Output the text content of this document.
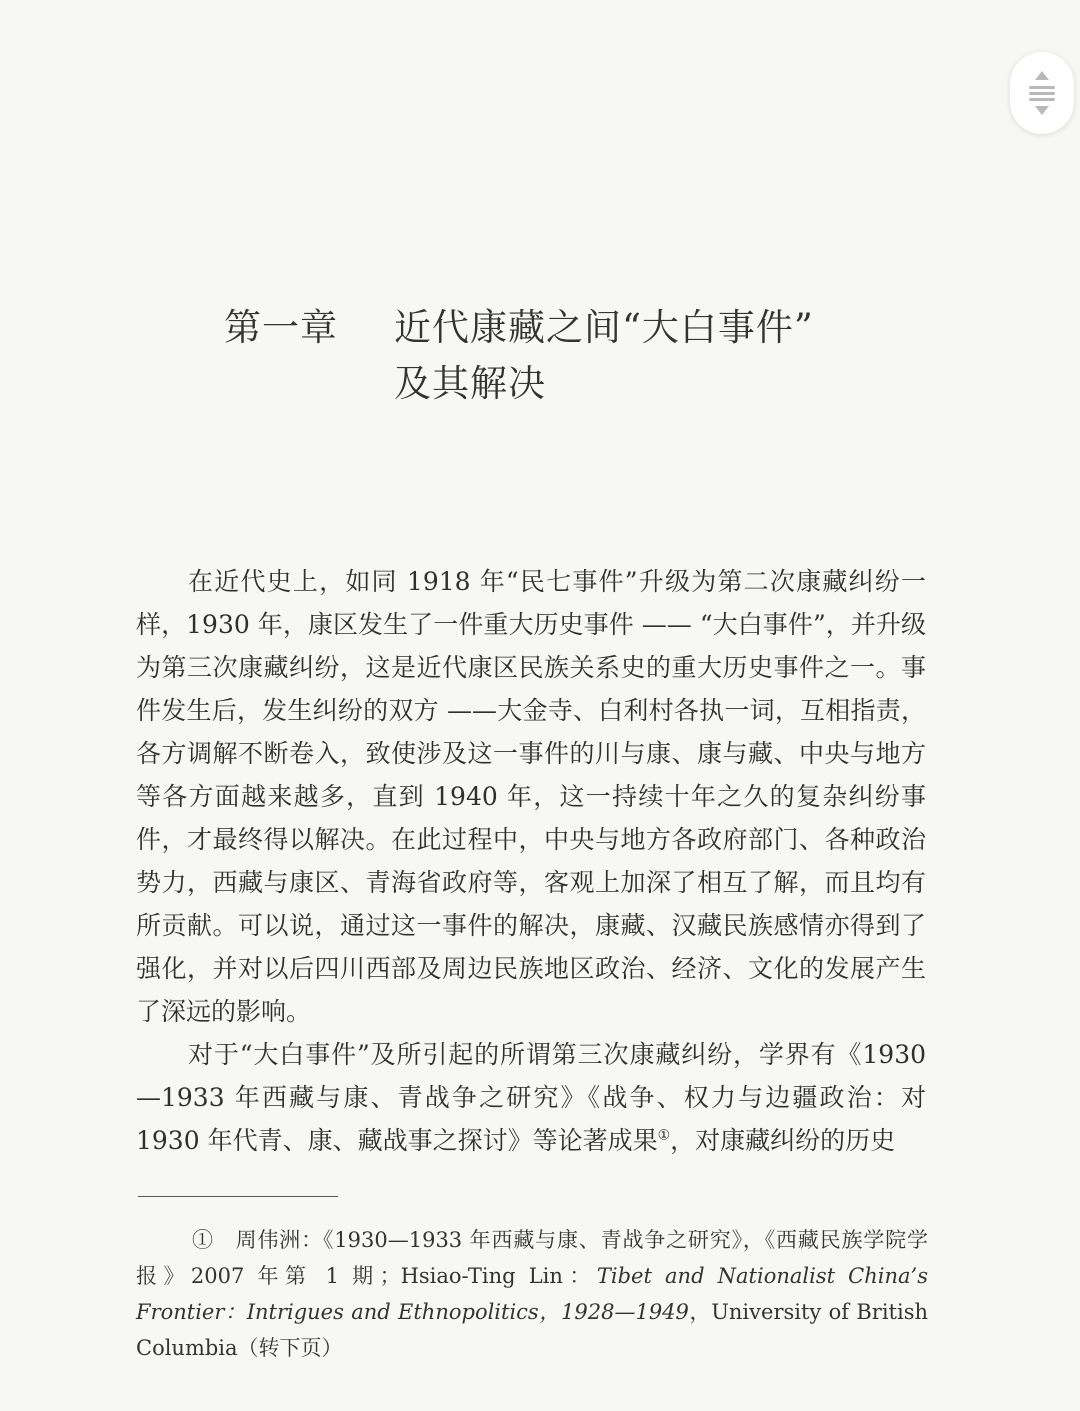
第一章 近代康藏之间“大白事件”
及其解决

在近代史上，如同 1918 年“民七事件”升级为第二次康藏纠纷一样，1930 年，康区发生了一件重大历史事件 —— “大白事件”，并升级为第三次康藏纠纷，这是近代康区民族关系史的重大历史事件之一。事件发生后，发生纠纷的双方 ——大金寺、白利村各执一词，互相指责，各方调解不断卷入，致使涉及这一事件的川与康、康与藏、中央与地方等各方面越来越多，直到 1940 年，这一持续十年之久的复杂纠纷事件，才最终得以解决。在此过程中，中央与地方各政府部门、各种政治势力，西藏与康区、青海省政府等，客观上加深了相互了解，而且均有所贡献。可以说，通过这一事件的解决，康藏、汉藏民族感情亦得到了强化，并对以后四川西部及周边民族地区政治、经济、文化的发展产生了深远的影响。

对于“大白事件”及所引起的所谓第三次康藏纠纷，学界有《1930—1933 年西藏与康、青战争之研究》《战争、权力与边疆政治：对 1930 年代青、康、藏战事之探讨》等论著成果①，对康藏纠纷的历史

①  周伟洲：《1930—1933 年西藏与康、青战争之研究》，《西藏民族学院学报》2007 年第 1 期；Hsiao-Ting Lin：Tibet and Nationalist China’s Frontier：Intrigues and Ethnopolitics，1928—1949，University of British Columbia（转下页）
